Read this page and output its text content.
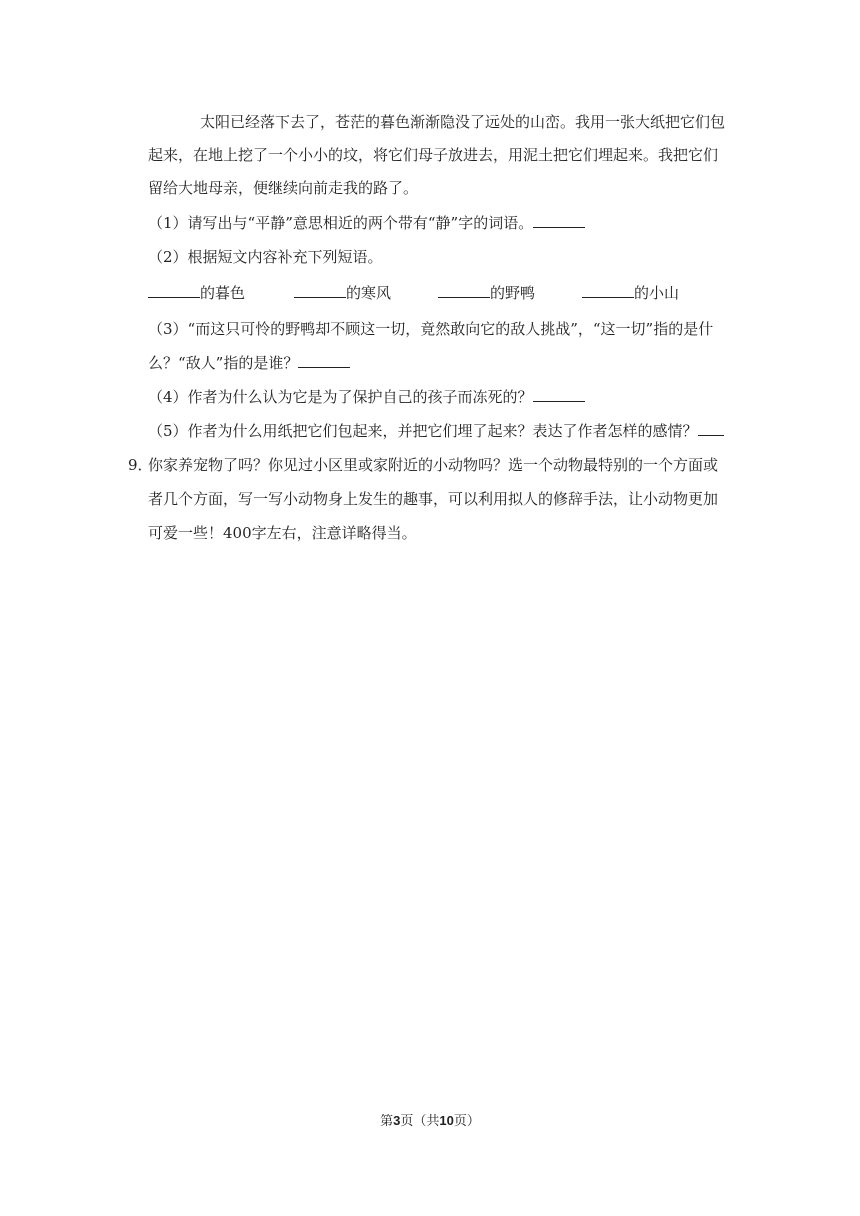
太阳已经落下去了，苍茫的暮色渐渐隐没了远处的山峦。我用一张大纸把它们包
起来，在地上挖了一个小小的坟，将它们母子放进去，用泥土把它们埋起来。我把它们
留给大地母亲，便继续向前走我的路了。
（1）请写出与“平静”意思相近的两个带有“静”字的词语。
（2）根据短文内容补充下列短语。
的暮色	的寒风	的野鸭	的小山
（3）“而这只可怜的野鸭却不顾这一切，竟然敢向它的敌人挑战”，“这一切”指的是什
么？“敌人”指的是谁？
（4）作者为什么认为它是为了保护自己的孩子而冻死的？
（5）作者为什么用纸把它们包起来，并把它们埋了起来？表达了作者怎样的感情？
9．
你家养宠物了吗？你见过小区里或家附近的小动物吗？选一个动物最特别的一个方面或
者几个方面，写一写小动物身上发生的趣事，可以利用拟人的修辞手法，让小动物更加
可爱一些！400字左右，注意详略得当。
第3页（共10页）
